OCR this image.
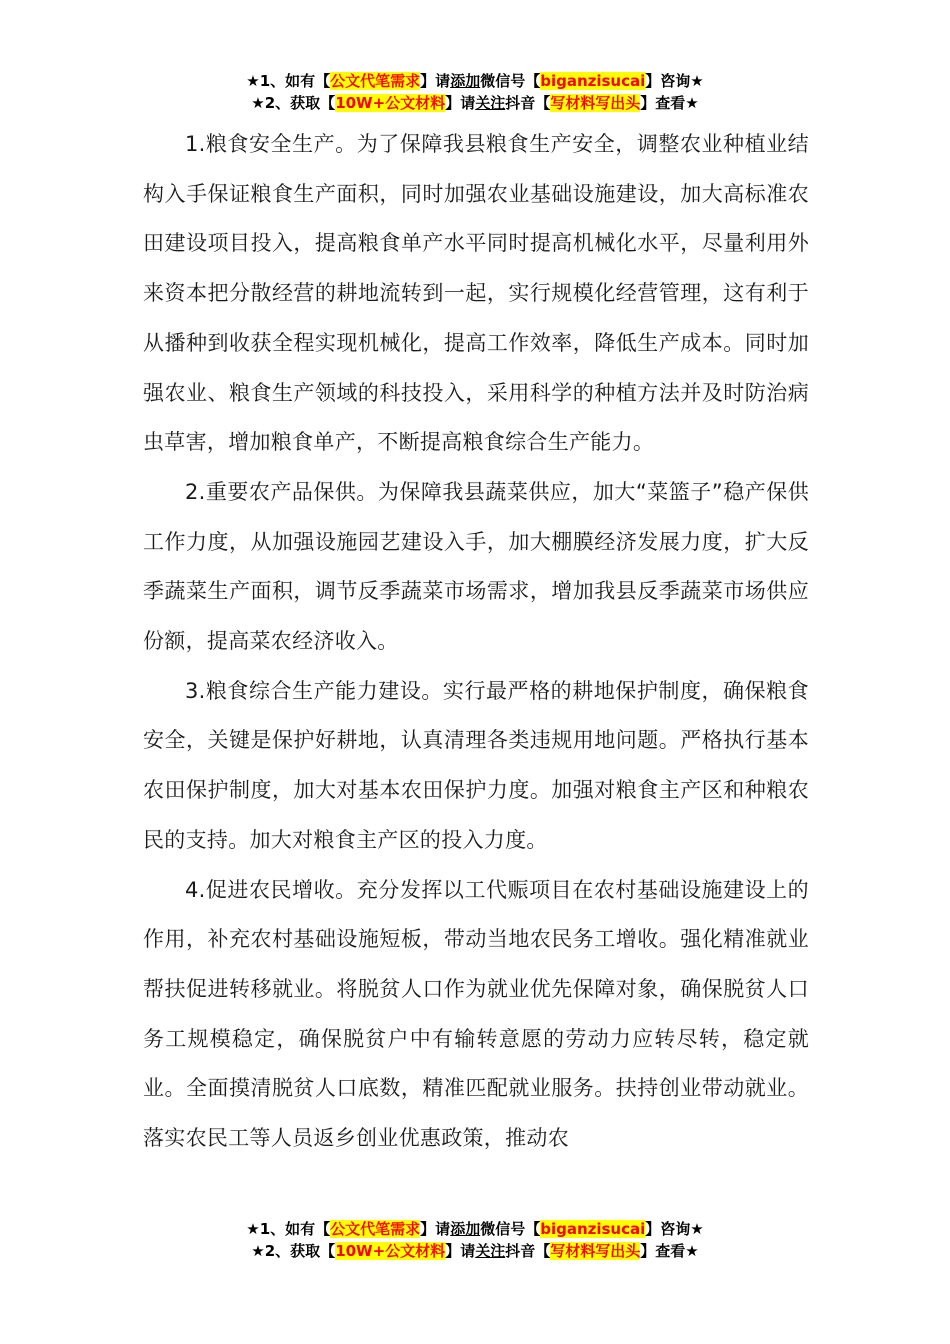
★1、如有【公文代笔需求】请添加微信号【biganzisucai】咨询★
★2、获取【10W+公文材料】请关注抖音【写材料写出头】查看★

1.粮食安全生产。为了保障我县粮食生产安全，调整农业种植业结构入手保证粮食生产面积，同时加强农业基础设施建设，加大高标准农田建设项目投入，提高粮食单产水平同时提高机械化水平，尽量利用外来资本把分散经营的耕地流转到一起，实行规模化经营管理，这有利于从播种到收获全程实现机械化，提高工作效率，降低生产成本。同时加强农业、粮食生产领域的科技投入，采用科学的种植方法并及时防治病虫草害，增加粮食单产，不断提高粮食综合生产能力。

2.重要农产品保供。为保障我县蔬菜供应，加大“菜篮子”稳产保供工作力度，从加强设施园艺建设入手，加大棚膜经济发展力度，扩大反季蔬菜生产面积，调节反季蔬菜市场需求，增加我县反季蔬菜市场供应份额，提高菜农经济收入。

3.粮食综合生产能力建设。实行最严格的耕地保护制度，确保粮食安全，关键是保护好耕地，认真清理各类违规用地问题。严格执行基本农田保护制度，加大对基本农田保护力度。加强对粮食主产区和种粮农民的支持。加大对粮食主产区的投入力度。

4.促进农民增收。充分发挥以工代赈项目在农村基础设施建设上的作用，补充农村基础设施短板，带动当地农民务工增收。强化精准就业帮扶促进转移就业。将脱贫人口作为就业优先保障对象，确保脱贫人口务工规模稳定，确保脱贫户中有输转意愿的劳动力应转尽转，稳定就业。全面摸清脱贫人口底数，精准匹配就业服务。扶持创业带动就业。落实农民工等人员返乡创业优惠政策，推动农

★1、如有【公文代笔需求】请添加微信号【biganzisucai】咨询★
★2、获取【10W+公文材料】请关注抖音【写材料写出头】查看★
